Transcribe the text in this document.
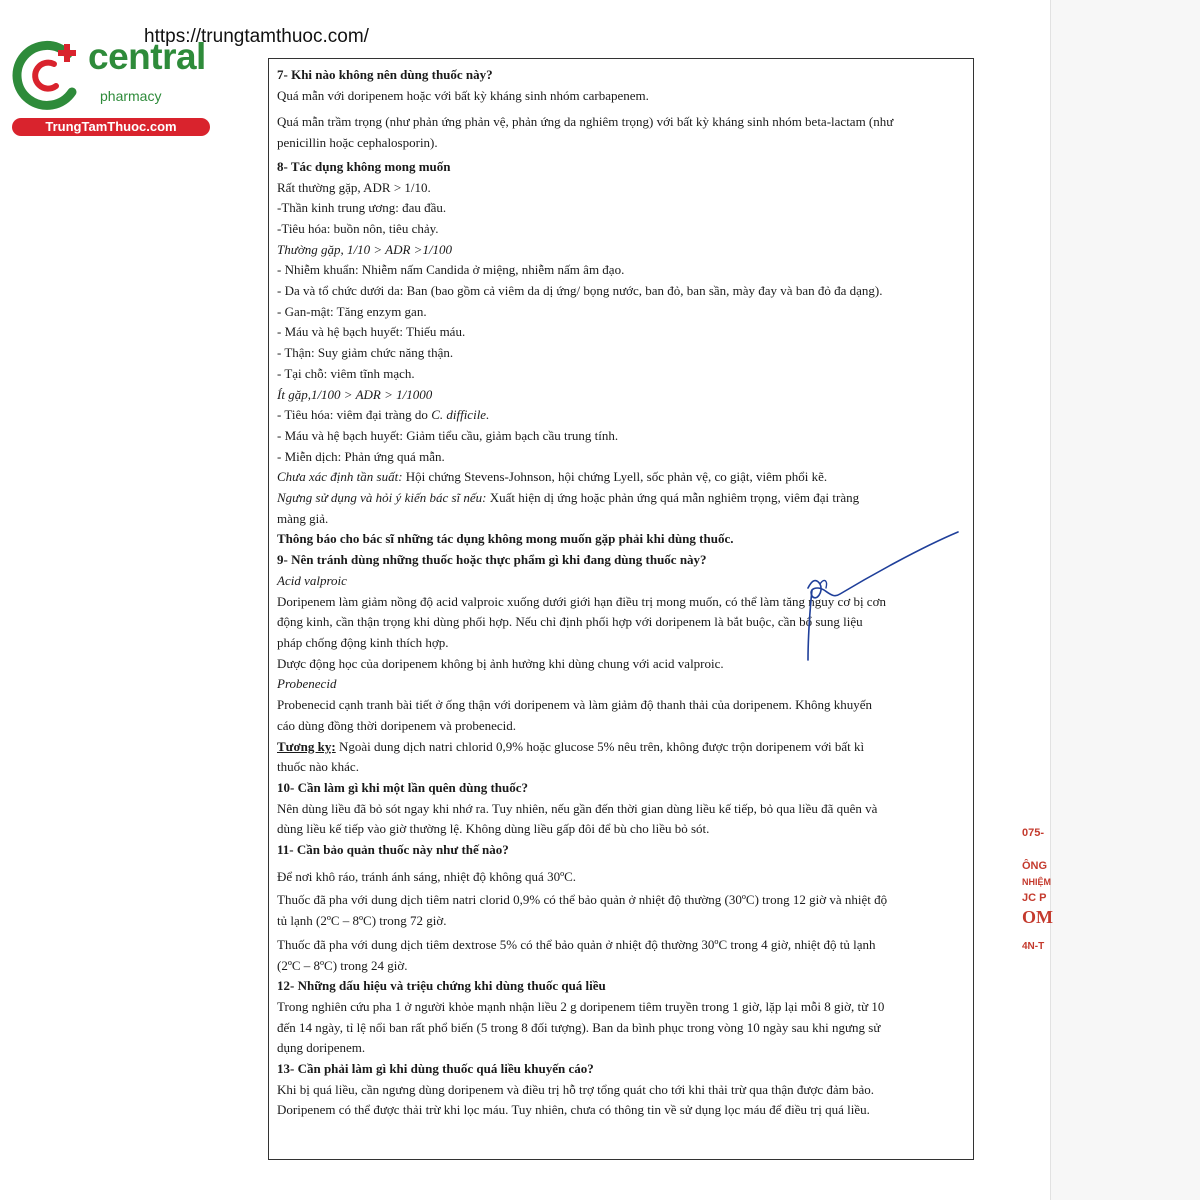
075-
ÔNG
NHIỆM
JC P
OM
4N-T
central
pharmacy
TrungTamThuoc.com
https://trungtamthuoc.com/

7- Khi nào không nên dùng thuốc này?

Quá mẫn với doripenem hoặc với bất kỳ kháng sinh nhóm carbapenem.

Quá mẫn trầm trọng (như phản ứng phản vệ, phản ứng da nghiêm trọng) với bất kỳ kháng sinh nhóm beta-lactam (như

penicillin hoặc cephalosporin).

8- Tác dụng không mong muốn

Rất thường gặp, ADR > 1/10.

-Thần kinh trung ương: đau đầu.

-Tiêu hóa: buồn nôn, tiêu chảy.

Thường gặp, 1/10 > ADR >1/100

- Nhiễm khuẩn: Nhiễm nấm Candida ở miệng, nhiễm nấm âm đạo.

- Da và tổ chức dưới da: Ban (bao gồm cả viêm da dị ứng/ bọng nước, ban đỏ, ban sần, mày đay và ban đỏ đa dạng).

- Gan-mật: Tăng enzym gan.

- Máu và hệ bạch huyết: Thiếu máu.

- Thận: Suy giảm chức năng thận.

- Tại chỗ: viêm tĩnh mạch.

Ít gặp,1/100 > ADR > 1/1000

- Tiêu hóa: viêm đại tràng do C. difficile.

- Máu và hệ bạch huyết: Giảm tiểu cầu, giảm bạch cầu trung tính.

- Miễn dịch: Phản ứng quá mẫn.

Chưa xác định tần suất: Hội chứng Stevens-Johnson, hội chứng Lyell, sốc phản vệ, co giật, viêm phổi kẽ.

Ngưng sử dụng và hỏi ý kiến bác sĩ nếu: Xuất hiện dị ứng hoặc phản ứng quá mẫn nghiêm trọng, viêm đại tràng

màng giả.

Thông báo cho bác sĩ những tác dụng không mong muốn gặp phải khi dùng thuốc.

9- Nên tránh dùng những thuốc hoặc thực phẩm gì khi đang dùng thuốc này?

Acid valproic

Doripenem làm giảm nồng độ acid valproic xuống dưới giới hạn điều trị mong muốn, có thể làm tăng nguy cơ bị cơn

động kinh, cần thận trọng khi dùng phối hợp. Nếu chỉ định phối hợp với doripenem là bắt buộc, cần bổ sung liệu

pháp chống động kinh thích hợp.

Dược động học của doripenem không bị ảnh hưởng khi dùng chung với acid valproic.

Probenecid

Probenecid cạnh tranh bài tiết ở ống thận với doripenem và làm giảm độ thanh thải của doripenem. Không khuyến

cáo dùng đồng thời doripenem và probenecid.

Tương kỵ: Ngoài dung dịch natri chlorid 0,9% hoặc glucose 5% nêu trên, không được trộn doripenem với bất kì

thuốc nào khác.

10- Cần làm gì khi một lần quên dùng thuốc?

Nên dùng liều đã bỏ sót ngay khi nhớ ra. Tuy nhiên, nếu gần đến thời gian dùng liều kế tiếp, bỏ qua liều đã quên và

dùng liều kế tiếp vào giờ thường lệ. Không dùng liều gấp đôi để bù cho liều bỏ sót.

11- Cần bảo quản thuốc này như thế nào?

Để nơi khô ráo, tránh ánh sáng, nhiệt độ không quá 30ºC.

Thuốc đã pha với dung dịch tiêm natri clorid 0,9% có thể bảo quản ở nhiệt độ thường (30ºC) trong 12 giờ và nhiệt độ

tủ lạnh (2ºC – 8ºC) trong 72 giờ.

Thuốc đã pha với dung dịch tiêm dextrose 5% có thể bảo quản ở nhiệt độ thường 30ºC trong 4 giờ, nhiệt độ tủ lạnh

(2ºC – 8ºC) trong 24 giờ.

12- Những dấu hiệu và triệu chứng khi dùng thuốc quá liều

Trong nghiên cứu pha 1 ở người khỏe mạnh nhận liều 2 g doripenem tiêm truyền trong 1 giờ, lặp lại mỗi 8 giờ, từ 10

đến 14 ngày, tỉ lệ nổi ban rất phổ biến (5 trong 8 đối tượng). Ban da bình phục trong vòng 10 ngày sau khi ngưng sử

dụng doripenem.

13- Cần phải làm gì khi dùng thuốc quá liều khuyến cáo?

Khi bị quá liều, cần ngưng dùng doripenem và điều trị hỗ trợ tổng quát cho tới khi thải trừ qua thận được đảm bảo.

Doripenem có thể được thải trừ khi lọc máu. Tuy nhiên, chưa có thông tin về sử dụng lọc máu để điều trị quá liều.
